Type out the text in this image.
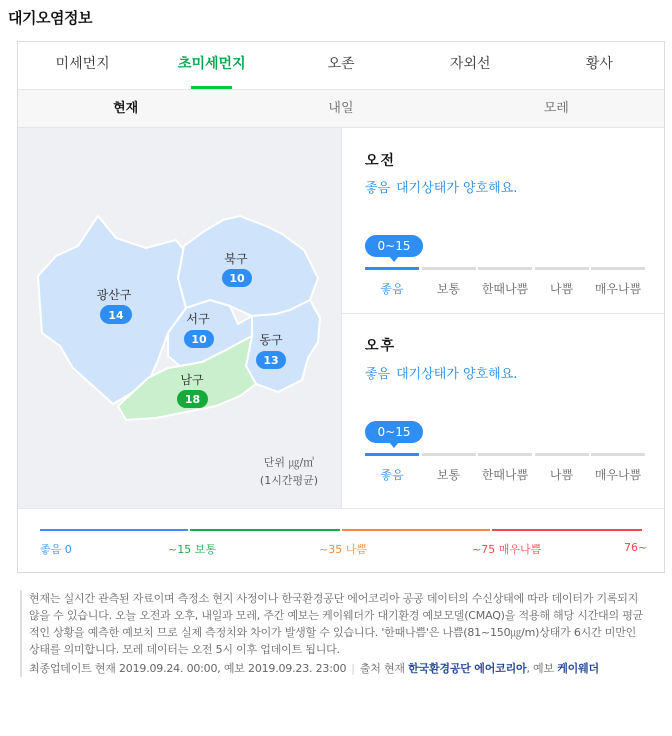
대기오염정보
미세먼지	초미세먼지	오존	자외선	황사
현재	내일	모레
광산구
14
북구
10
서구
10	동구
13
남구
18
단위 ㎍/㎥
(1시간평균)
오전
좋음 대기상태가 양호해요.
0~15
좋음	보통	한때나쁨	나쁨	매우나쁨
오후
좋음 대기상태가 양호해요.
0~15
좋음	보통	한때나쁨	나쁨	매우나쁨
좋음 0	~15 보통	~35 나쁨	~75 매우나쁨	76~

현재는 실시간 관측된 자료이며 측정소 현지 사정이나 한국환경공단 에어코리아 공공 데이터의 수신상태에 따라 데이터가 기록되지 않을 수 있습니다. 오늘 오전과 오후, 내일과 모레, 주간 예보는 케이웨더가 대기환경 예보모델(CMAQ)을 적용해 해당 시간대의 평균적인 상황을 예측한 예보치 므로 실제 측정치와 차이가 발생할 수 있습니다. '한때나쁨'은 나쁨(81~150㎍/m)상태가 6시간 미만인 상태를 의미합니다. 모레 데이터는 오전 5시 이후 업데이트 됩니다.

최종업데이트 현재 2019.09.24. 00:00, 예보 2019.09.23. 23:00 | 출처 현재 한국환경공단 에어코리아, 예보 케이웨더
